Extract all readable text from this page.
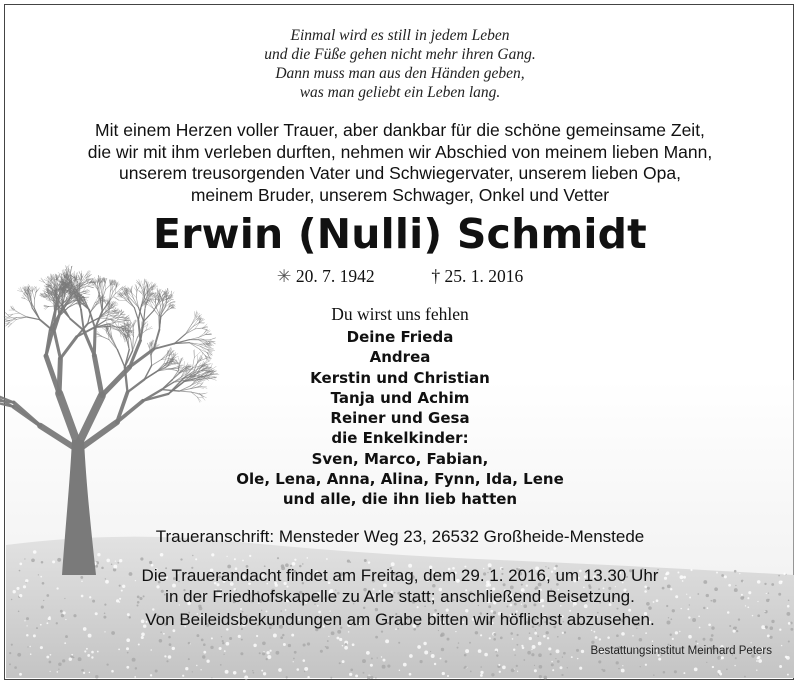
Einmal wird es still in jedem Leben
und die Füße gehen nicht mehr ihren Gang.
Dann muss man aus den Händen geben,
was man geliebt ein Leben lang.
Mit einem Herzen voller Trauer, aber dankbar für die schöne gemeinsame Zeit,
die wir mit ihm verleben durften, nehmen wir Abschied von meinem lieben Mann,
unserem treusorgenden Vater und Schwiegervater, unserem lieben Opa,
meinem Bruder, unserem Schwager, Onkel und Vetter
Erwin (Nulli) Schmidt
✳ 20. 7. 1942	† 25. 1. 2016
Du wirst uns fehlen
Deine Frieda
Andrea
Kerstin und Christian
Tanja und Achim
Reiner und Gesa
die Enkelkinder:
Sven, Marco, Fabian,
Ole, Lena, Anna, Alina, Fynn, Ida, Lene
und alle, die ihn lieb hatten
Traueranschrift: Mensteder Weg 23, 26532 Großheide-Menstede
Die Trauerandacht findet am Freitag, dem 29. 1. 2016, um 13.30 Uhr
in der Friedhofskapelle zu Arle statt; anschließend Beisetzung.
Von Beileidsbekundungen am Grabe bitten wir höflichst abzusehen.
Bestattungsinstitut Meinhard Peters
